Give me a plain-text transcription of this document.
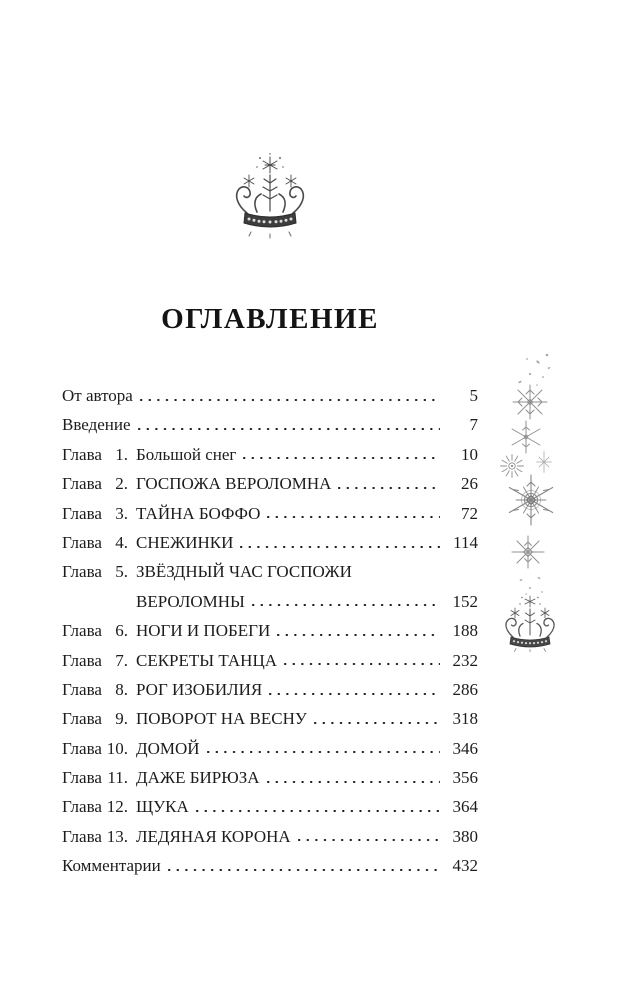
ОГЛАВЛЕНИЕ
От автора	5
Введение	7
Глава 1. Большой снег	10
Глава 2. ГОСПОЖА ВЕРОЛОМНА	26
Глава 3. ТАЙНА БОФФО	72
Глава 4. СНЕЖИНКИ	114
Глава 5. ЗВЁЗДНЫЙ ЧАС ГОСПОЖИ
ВЕРОЛОМНЫ	152
Глава 6. НОГИ И ПОБЕГИ	188
Глава 7. СЕКРЕТЫ ТАНЦА	232
Глава 8. РОГ ИЗОБИЛИЯ	286
Глава 9. ПОВОРОТ НА ВЕСНУ	318
Глава 10. ДОМОЙ	346
Глава 11. ДАЖЕ БИРЮЗА	356
Глава 12. ЩУКА	364
Глава 13. ЛЕДЯНАЯ КОРОНА	380
Комментарии	432
